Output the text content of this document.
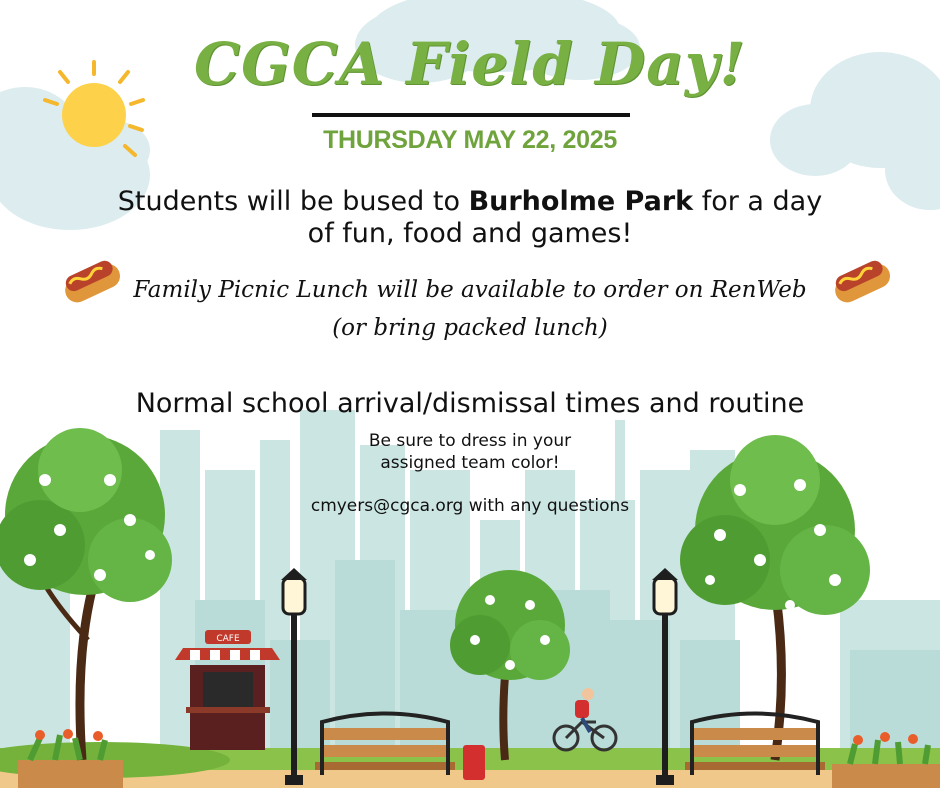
CAFE
CGCA Field Day!
THURSDAY MAY 22, 2025
Students will be bused to Burholme Park for a day
of fun, food and games!
Family Picnic Lunch will be available to order on RenWeb
(or bring packed lunch)
Normal school arrival/dismissal times and routine
Be sure to dress in your
assigned team color!
cmyers@cgca.org with any questions
